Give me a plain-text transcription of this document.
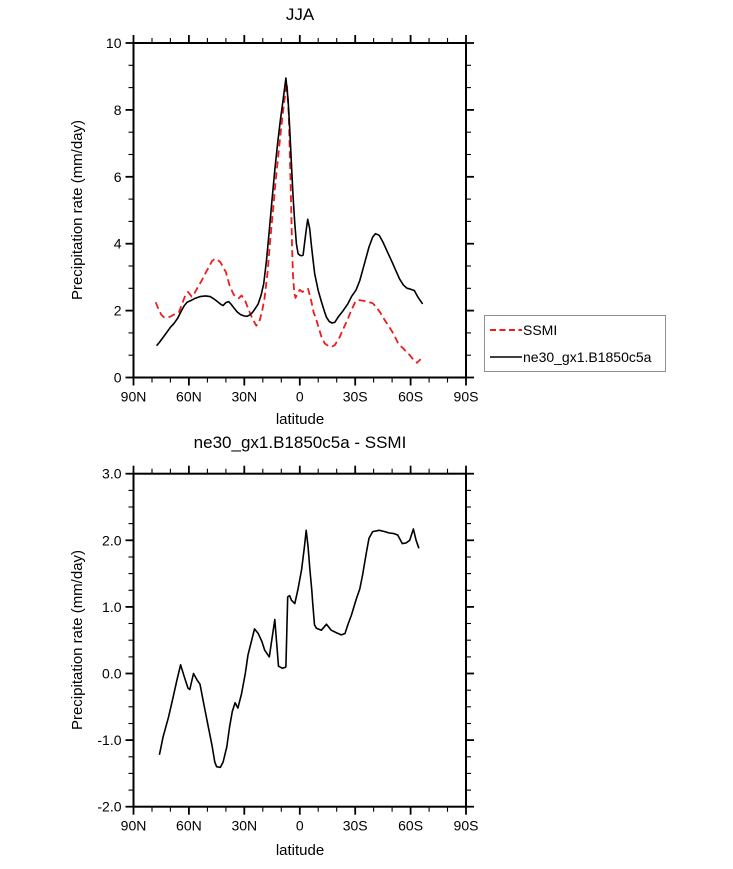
90N 60N 30N	0	30S 60S 90S
0
2
4
6
8
10
90N 60N 30N	0	30S 60S 90S
3.0
2.0
1.0
0.0
-1.0
-2.0
JJA
Precipitation rate (mm/day)
latitude
ne30_gx1.B1850c5a - SSMI
Precipitation rate (mm/day)
latitude
SSMI
ne30_gx1.B1850c5a
